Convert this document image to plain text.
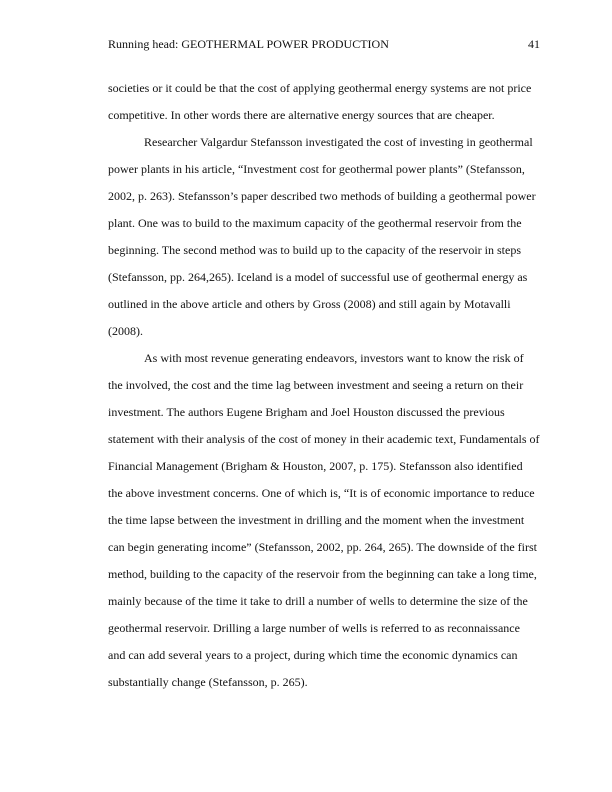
Running head: GEOTHERMAL POWER PRODUCTION	41
societies or it could be that the cost of applying geothermal energy systems are not price
competitive. In other words there are alternative energy sources that are cheaper.
Researcher Valgardur Stefansson investigated the cost of investing in geothermal
power plants in his article, “Investment cost for geothermal power plants” (Stefansson,
2002, p. 263). Stefansson’s paper described two methods of building a geothermal power
plant. One was to build to the maximum capacity of the geothermal reservoir from the
beginning. The second method was to build up to the capacity of the reservoir in steps
(Stefansson, pp. 264,265). Iceland is a model of successful use of geothermal energy as
outlined in the above article and others by Gross (2008) and still again by Motavalli
(2008).
As with most revenue generating endeavors, investors want to know the risk of
the involved, the cost and the time lag between investment and seeing a return on their
investment. The authors Eugene Brigham and Joel Houston discussed the previous
statement with their analysis of the cost of money in their academic text, Fundamentals of
Financial Management (Brigham & Houston, 2007, p. 175). Stefansson also identified
the above investment concerns. One of which is, “It is of economic importance to reduce
the time lapse between the investment in drilling and the moment when the investment
can begin generating income” (Stefansson, 2002, pp. 264, 265). The downside of the first
method, building to the capacity of the reservoir from the beginning can take a long time,
mainly because of the time it take to drill a number of wells to determine the size of the
geothermal reservoir. Drilling a large number of wells is referred to as reconnaissance
and can add several years to a project, during which time the economic dynamics can
substantially change (Stefansson, p. 265).
